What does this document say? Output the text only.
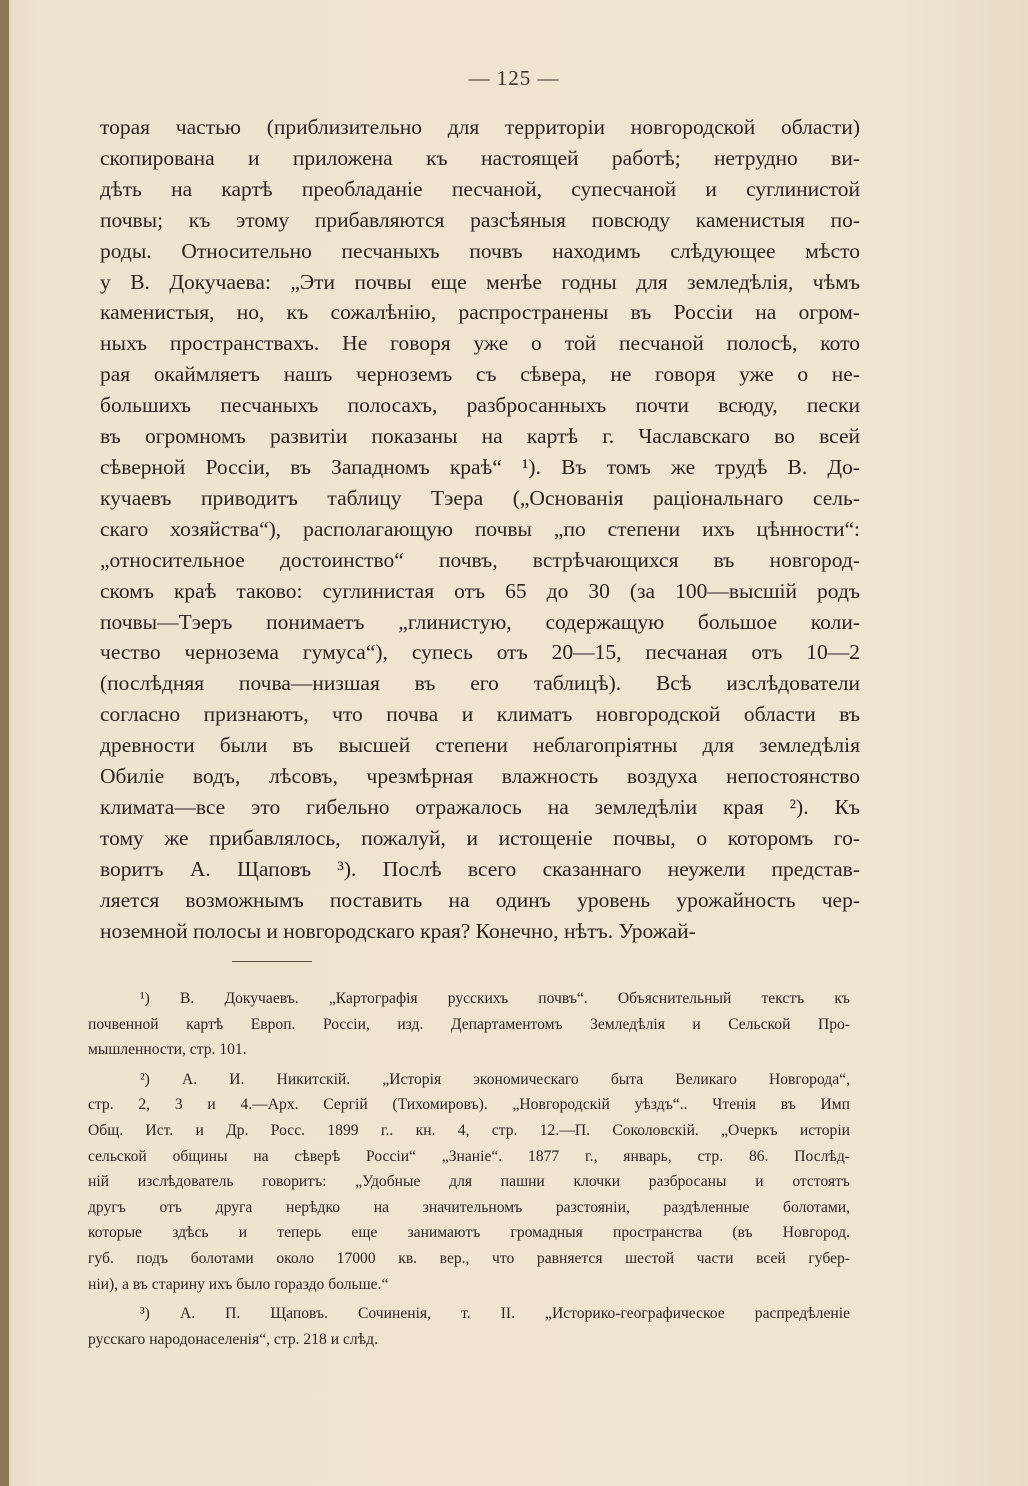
— 125 —
торая частью (приблизительно для территоріи новгородской области)
скопирована и приложена къ настоящей работѣ; нетрудно ви-
дѣть на картѣ преобладаніе песчаной, супесчаной и суглинистой
почвы; къ этому прибавляются разсѣяныя повсюду каменистыя по-
роды. Относительно песчаныхъ почвъ находимъ слѣдующее мѣсто
у В. Докучаева: „Эти почвы еще менѣе годны для земледѣлія, чѣмъ
каменистыя, но, къ сожалѣнію, распространены въ Россіи на огром-
ныхъ пространствахъ. Не говоря уже о той песчаной полосѣ, кото
рая окаймляетъ нашъ черноземъ съ сѣвера, не говоря уже о не-
большихъ песчаныхъ полосахъ, разбросанныхъ почти всюду, пески
въ огромномъ развитіи показаны на картѣ г. Чаславскаго во всей
сѣверной Россіи, въ Западномъ краѣ“ ¹). Въ томъ же трудѣ В. До-
кучаевъ приводитъ таблицу Тэера („Основанія раціональнаго сель-
скаго хозяйства“), располагающую почвы „по степени ихъ цѣнности“:
„относительное достоинство“ почвъ, встрѣчающихся въ новгород-
скомъ краѣ таково: суглинистая отъ 65 до 30 (за 100—высшій родъ
почвы—Тэеръ понимаетъ „глинистую, содержащую большое коли-
чество чернозема гумуса“), супесь отъ 20—15, песчаная отъ 10—2
(послѣдняя почва—низшая въ его таблицѣ). Всѣ изслѣдователи
согласно признаютъ, что почва и климатъ новгородской области въ
древности были въ высшей степени неблагопріятны для земледѣлія
Обиліе водъ, лѣсовъ, чрезмѣрная влажность воздуха непостоянство
климата—все это гибельно отражалось на земледѣліи края ²). Къ
тому же прибавлялось, пожалуй, и истощеніе почвы, о которомъ го-
воритъ А. Щаповъ ³). Послѣ всего сказаннаго неужели представ-
ляется возможнымъ поставить на одинъ уровень урожайность чер-
ноземной полосы и новгородскаго края? Конечно, нѣтъ. Урожай-
¹) В. Докучаевъ. „Картографія русскихъ почвъ“. Объяснительный текстъ къ
почвенной картѣ Европ. Россіи, изд. Департаментомъ Земледѣлія и Сельской Про-
мышленности, стр. 101.
²) А. И. Никитскій. „Исторія экономическаго быта Великаго Новгорода“,
стр. 2, 3 и 4.—Арх. Сергій (Тихомировъ). „Новгородскій уѣздъ“.. Чтенія въ Имп
Общ. Ист. и Др. Росс. 1899 г.. кн. 4, стр. 12.—П. Соколовскій. „Очеркъ исторіи
сельской общины на сѣверѣ Россіи“ „Знаніе“. 1877 г., январь, стр. 86. Послѣд-
ній изслѣдователь говоритъ: „Удобные для пашни клочки разбросаны и отстоятъ
другъ отъ друга нерѣдко на значительномъ разстояніи, раздѣленные болотами,
которые здѣсь и теперь еще занимаютъ громадныя пространства (въ Новгород.
губ. подъ болотами около 17000 кв. вер., что равняется шестой части всей губер-
ніи), а въ старину ихъ было гораздо больше.“
³) А. П. Щаповъ. Сочиненія, т. II. „Историко-географическое распредѣленіе
русскаго народонаселенія“, стр. 218 и слѣд.
